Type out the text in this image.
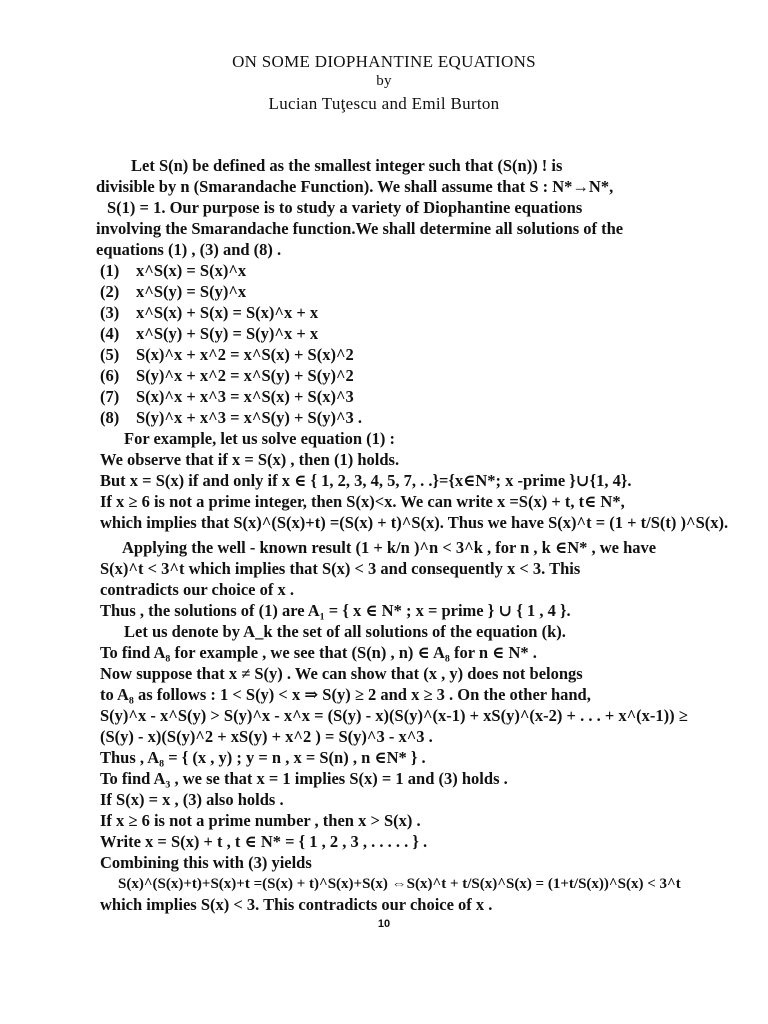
ON SOME DIOPHANTINE EQUATIONS
by
Lucian Tuţescu and Emil Burton
Let S(n) be defined as the smallest integer such that (S(n)) ! is
divisible by n (Smarandache Function). We shall assume that S : N*→N*,
S(1) = 1. Our purpose is to study a variety of Diophantine equations
involving the Smarandache function.We shall determine all solutions of the
equations (1) , (3) and (8) .
(1) x^S(x) = S(x)^x
(2) x^S(y) = S(y)^x
(3) x^S(x) + S(x) = S(x)^x + x
(4) x^S(y) + S(y) = S(y)^x + x
(5) S(x)^x + x^2 = x^S(x) + S(x)^2
(6) S(y)^x + x^2 = x^S(y) + S(y)^2
(7) S(x)^x + x^3 = x^S(x) + S(x)^3
(8) S(y)^x + x^3 = x^S(y) + S(y)^3 .
For example, let us solve equation (1) :
We observe that if x = S(x) , then (1) holds.
But x = S(x) if and only if x ∈ { 1, 2, 3, 4, 5, 7, . .}={x∈N*; x -prime }∪{1, 4}.
If x ≥ 6 is not a prime integer, then S(x)<x. We can write x =S(x) + t, t∈ N*,
which implies that S(x)^(S(x)+t) =(S(x) + t)^S(x). Thus we have S(x)^t = (1 + t/S(t) )^S(x).
Applying the well - known result (1 + k/n )^n < 3^k , for n , k ∈N* , we have
S(x)^t < 3^t which implies that S(x) < 3 and consequently x < 3. This
contradicts our choice of x .
Thus , the solutions of (1) are A₁ = { x ∈ N* ; x = prime } ∪ { 1 , 4 }.
Let us denote by A_k the set of all solutions of the equation (k).
To find A₈ for example , we see that (S(n) , n) ∈ A₈ for n ∈ N* .
Now suppose that x ≠ S(y) . We can show that (x , y) does not belongs
to A₈ as follows : 1 < S(y) < x ⇒ S(y) ≥ 2 and x ≥ 3 . On the other hand,
S(y)^x - x^S(y) > S(y)^x - x^x = (S(y) - x)(S(y)^(x-1) + xS(y)^(x-2) + . . . + x^(x-1)) ≥
(S(y) - x)(S(y)^2 + xS(y) + x^2 ) = S(y)^3 - x^3 .
Thus , A₈ = { (x , y) ; y = n , x = S(n) , n ∈N* } .
To find A₃ , we se that x = 1 implies S(x) = 1 and (3) holds .
If S(x) = x , (3) also holds .
If x ≥ 6 is not a prime number , then x > S(x) .
Write x = S(x) + t , t ∈ N* = { 1 , 2 , 3 , . . . . . } .
Combining this with (3) yields
S(x)^(S(x)+t)+S(x)+t =(S(x) + t)^S(x)+S(x) ⇔S(x)^t + t/S(x)^S(x) = (1+t/S(x))^S(x) < 3^t
which implies S(x) < 3. This contradicts our choice of x .
10
